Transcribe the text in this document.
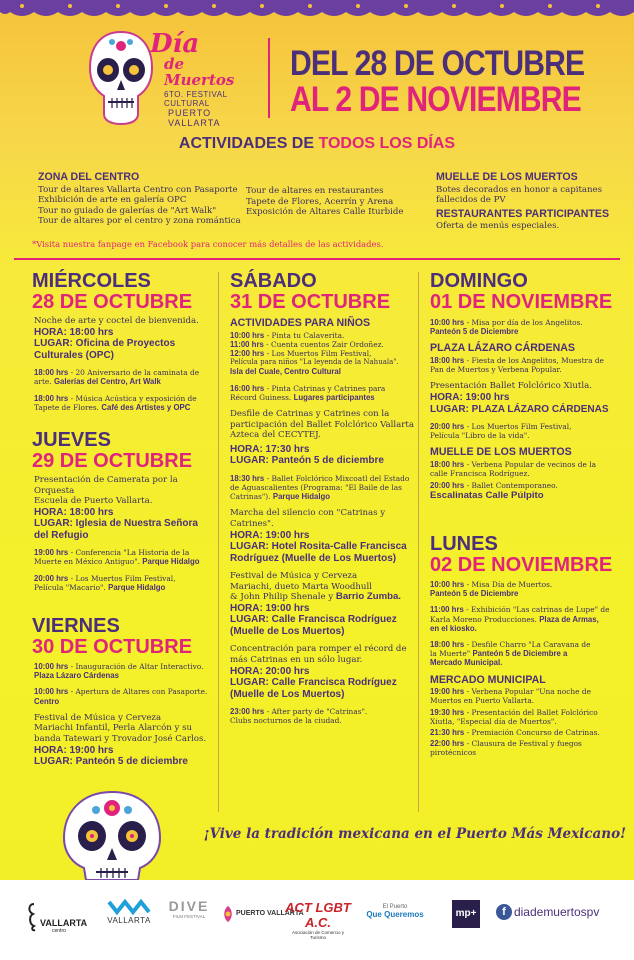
Día
de Muertos
6TO. FESTIVAL CULTURAL
PUERTO VALLARTA
DEL 28 DE OCTUBRE
AL 2 DE NOVIEMBRE
ACTIVIDADES DE TODOS LOS DÍAS
ZONA DEL CENTRO
Tour de altares Vallarta Centro con Pasaporte
Exhibición de arte en galería OPC
Tour no guiado de galerías de "Art Walk"
Tour de altares por el centro y zona romántica
Tour de altares en restaurantes
Tapete de Flores, Acerrín y Arena
Exposición de Altares Calle Iturbide
MUELLE DE LOS MUERTOS
Botes decorados en honor a capitanes
fallecidos de PV
RESTAURANTES PARTICIPANTES
Oferta de menús especiales.
*Visita nuestra fanpage en Facebook para conocer más detalles de las actividades.
MIÉRCOLES
28 DE OCTUBRE
Noche de arte y coctel de bienvenida.
HORA: 18:00 hrs
LUGAR: Oficina de Proyectos
Culturales (OPC)
18:00 hrs - 20 Aniversario de la caminata de
arte. Galerías del Centro, Art Walk
18:00 hrs - Música Acústica y exposición de
Tapete de Flores. Café des Artistes y OPC
JUEVES
29 DE OCTUBRE
Presentación de Camerata por la Orquesta
Escuela de Puerto Vallarta.
HORA: 18:00 hrs
LUGAR: Iglesia de Nuestra Señora
del Refugio
19:00 hrs - Conferencia "La Historia de la
Muerte en México Antiguo". Parque Hidalgo
20:00 hrs - Los Muertos Film Festival,
Película "Macario". Parque Hidalgo
VIERNES
30 DE OCTUBRE
10:00 hrs - Inauguración de Altar Interactivo.
Plaza Lázaro Cárdenas
10:00 hrs - Apertura de Altares con Pasaporte.
Centro
Festival de Música y Cerveza
Mariachi Infantil, Perla Alarcón y su
banda Tatewari y Trovador José Carlos.
HORA: 19:00 hrs
LUGAR: Panteón 5 de diciembre
SÁBADO
31 DE OCTUBRE
ACTIVIDADES PARA NIÑOS
10:00 hrs - Pinta tu Calaverita.
11:00 hrs - Cuenta cuentos Zair Ordoñez.
12:00 hrs - Los Muertos Film Festival,
Película para niños "La leyenda de la Nahuala".
Isla del Cuale, Centro Cultural
16:00 hrs - Pinta Catrinas y Catrines para
Récord Guiness. Lugares participantes
Desfile de Catrinas y Catrines con la
participación del Ballet Folclórico Vallarta
Azteca del CECYTEJ.
HORA: 17:30 hrs
LUGAR: Panteón 5 de diciembre
18:30 hrs - Ballet Folclórico Mixcoatl del Estado
de Aguascalientes (Programa: "El Baile de las
Catrinas"). Parque Hidalgo
Marcha del silencio con "Catrinas y
Catrines".
HORA: 19:00 hrs
LUGAR: Hotel Rosita-Calle Francisca
Rodríguez (Muelle de Los Muertos)
Festival de Música y Cerveza
Mariachi, dueto Marta Woodhull
& John Philip Shenale y Barrio Zumba.
HORA: 19:00 hrs
LUGAR: Calle Francisca Rodríguez
(Muelle de Los Muertos)
Concentración para romper el récord de
más Catrinas en un sólo lugar.
HORA: 20:00 hrs
LUGAR: Calle Francisca Rodríguez
(Muelle de Los Muertos)
23:00 hrs - After party de "Catrinas".
Clubs nocturnos de la ciudad.
DOMINGO
01 DE NOVIEMBRE
10:00 hrs - Misa por día de los Angelitos.
Panteón 5 de Diciembre
PLAZA LÁZARO CÁRDENAS
18:00 hrs - Fiesta de los Angelitos, Muestra de
Pan de Muertos y Verbena Popular.
Presentación Ballet Folclórico Xiutla.
HORA: 19:00 hrs
LUGAR: PLAZA LÁZARO CÁRDENAS
20:00 hrs - Los Muertos Film Festival,
Película "Libro de la vida".
MUELLE DE LOS MUERTOS
18:00 hrs - Verbena Popular de vecinos de la
calle Francisca Rodríguez.
20:00 hrs - Ballet Contemporaneo.
Escalinatas Calle Púlpito
LUNES
02 DE NOVIEMBRE
10:00 hrs - Misa Día de Muertos.
Panteón 5 de Diciembre
11:00 hrs - Exhibición "Las catrinas de Lupe" de
Karla Moreno Producciones. Plaza de Armas,
en el kiosko.
18:00 hrs - Desfile Charro "La Caravana de
la Muerte" Panteón 5 de Diciembre a
Mercado Municipal.
MERCADO MUNICIPAL
19:00 hrs - Verbena Popular "Una noche de
Muertos en Puerto Vallarta.
19:30 hrs - Presentación del Ballet Folclórico
Xiutla, "Especial día de Muertos".
21:30 hrs - Premiación Concurso de Catrinas.
22:00 hrs - Clausura de Festival y fuegos
pirotécnicos
¡Vive la tradición mexicana en el Puerto Más Mexicano!
VALLARTA
centro
VALLARTA
DIVE
FILM FESTIVAL	PUERTO VALLARTA
ACT LGBT A.C.
Asociación de Comercio y Turismo
El Puerto
Que Queremos	mp+	f diademuertospv
